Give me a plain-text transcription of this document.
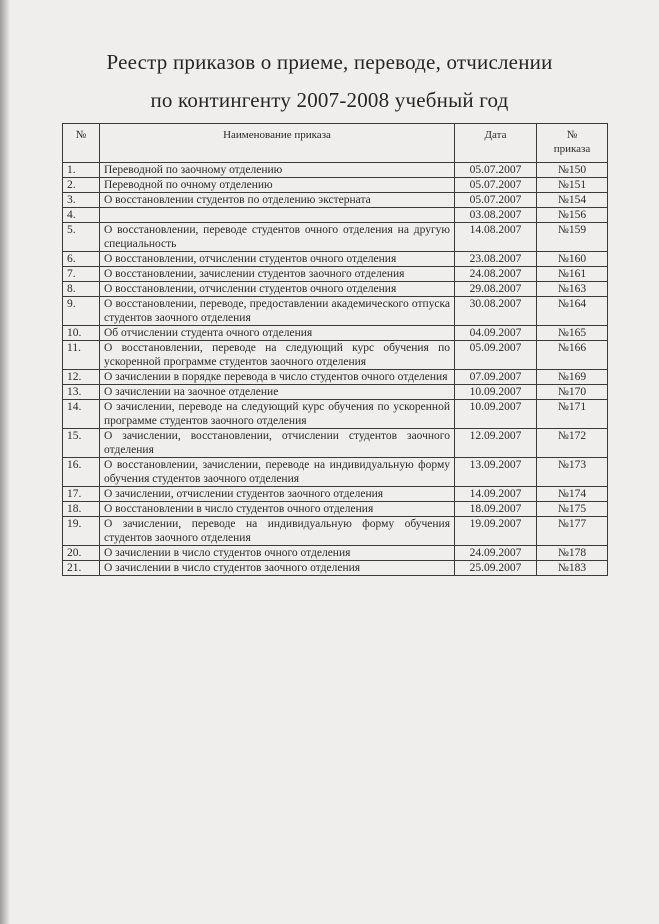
Реестр приказов о приеме, переводе, отчислении
по контингенту 2007-2008 учебный год
№	Наименование приказа	Дата	№
приказа
1.	Переводной по заочному отделению	05.07.2007	№150
2.	Переводной по очному отделению	05.07.2007	№151
3.	О восстановлении студентов по отделению экстерната	05.07.2007	№154
4.		03.08.2007	№156
5.	О восстановлении, переводе студентов очного отделения на другую специальность	14.08.2007	№159
6.	О восстановлении, отчислении студентов очного отделения	23.08.2007	№160
7.	О восстановлении, зачислении студентов заочного отделения	24.08.2007	№161
8.	О восстановлении, отчислении студентов очного отделения	29.08.2007	№163
9.	О восстановлении, переводе, предоставлении академического отпуска студентов заочного отделения	30.08.2007	№164
10.	Об отчислении студента очного отделения	04.09.2007	№165
11.	О восстановлении, переводе на следующий курс обучения по ускоренной программе студентов заочного отделения	05.09.2007	№166
12.	О зачислении в порядке перевода в число студентов очного отделения	07.09.2007	№169
13.	О зачислении на заочное отделение	10.09.2007	№170
14.	О зачислении, переводе на следующий курс обучения по ускоренной программе студентов заочного отделения	10.09.2007	№171
15.	О зачислении, восстановлении, отчислении студентов заочного отделения	12.09.2007	№172
16.	О восстановлении, зачислении, переводе на индивидуальную форму обучения студентов заочного отделения	13.09.2007	№173
17.	О зачислении, отчислении студентов заочного отделения	14.09.2007	№174
18.	О восстановлении в число студентов очного отделения	18.09.2007	№175
19.	О зачислении, переводе на индивидуальную форму обучения студентов заочного отделения	19.09.2007	№177
20.	О зачислении в число студентов очного отделения	24.09.2007	№178
21.	О зачислении в число студентов заочного отделения	25.09.2007	№183
